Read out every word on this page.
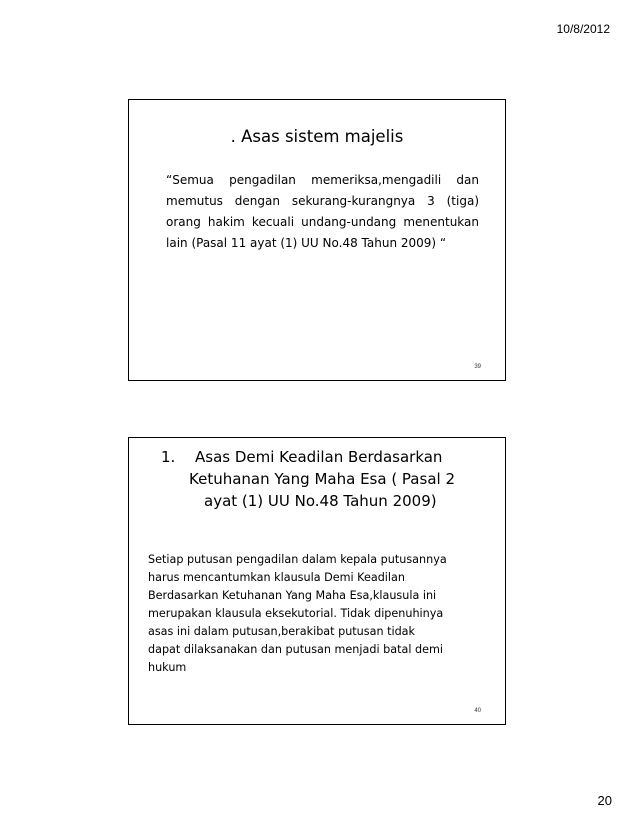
10/8/2012
. Asas sistem majelis
“Semua pengadilan memeriksa,mengadili dan memutus dengan sekurang-kurangnya 3 (tiga) orang hakim kecuali undang-undang menentukan lain (Pasal 11 ayat (1) UU No.48 Tahun 2009) “
39
1.	Asas Demi Keadilan Berdasarkan
Ketuhanan Yang Maha Esa ( Pasal 2
ayat (1) UU No.48 Tahun 2009)
Setiap putusan pengadilan dalam kepala putusannya
harus mencantumkan klausula Demi Keadilan
Berdasarkan Ketuhanan Yang Maha Esa,klausula ini
merupakan klausula eksekutorial. Tidak dipenuhinya
asas ini dalam putusan,berakibat putusan tidak
dapat dilaksanakan dan putusan menjadi batal demi
hukum
40
20
